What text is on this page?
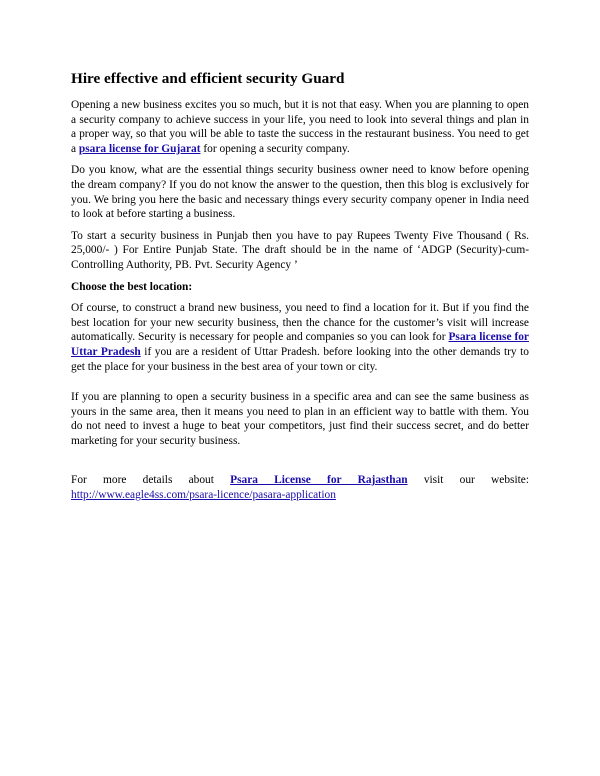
Hire effective and efficient security Guard

Opening a new business excites you so much, but it is not that easy. When you are planning to open a security company to achieve success in your life, you need to look into several things and plan in a proper way, so that you will be able to taste the success in the restaurant business. You need to get a psara license for Gujarat for opening a security company.

Do you know, what are the essential things security business owner need to know before opening the dream company? If you do not know the answer to the question, then this blog is exclusively for you. We bring you here the basic and necessary things every security company opener in India need to look at before starting a business.

To start a security business in Punjab then you have to pay Rupees Twenty Five Thousand ( Rs. 25,000/- ) For Entire Punjab State. The draft should be in the name of ‘ADGP (Security)-cum-Controlling Authority, PB. Pvt. Security Agency ’

Choose the best location:

Of course, to construct a brand new business, you need to find a location for it. But if you find the best location for your new security business, then the chance for the customer’s visit will increase automatically. Security is necessary for people and companies so you can look for Psara license for Uttar Pradesh if you are a resident of Uttar Pradesh. before looking into the other demands try to get the place for your business in the best area of your town or city.

If you are planning to open a security business in a specific area and can see the same business as yours in the same area, then it means you need to plan in an efficient way to battle with them. You do not need to invest a huge to beat your competitors, just find their success secret, and do better marketing for your security business.

For more details about Psara License for Rajasthan visit our website:

http://www.eagle4ss.com/psara-licence/pasara-application
